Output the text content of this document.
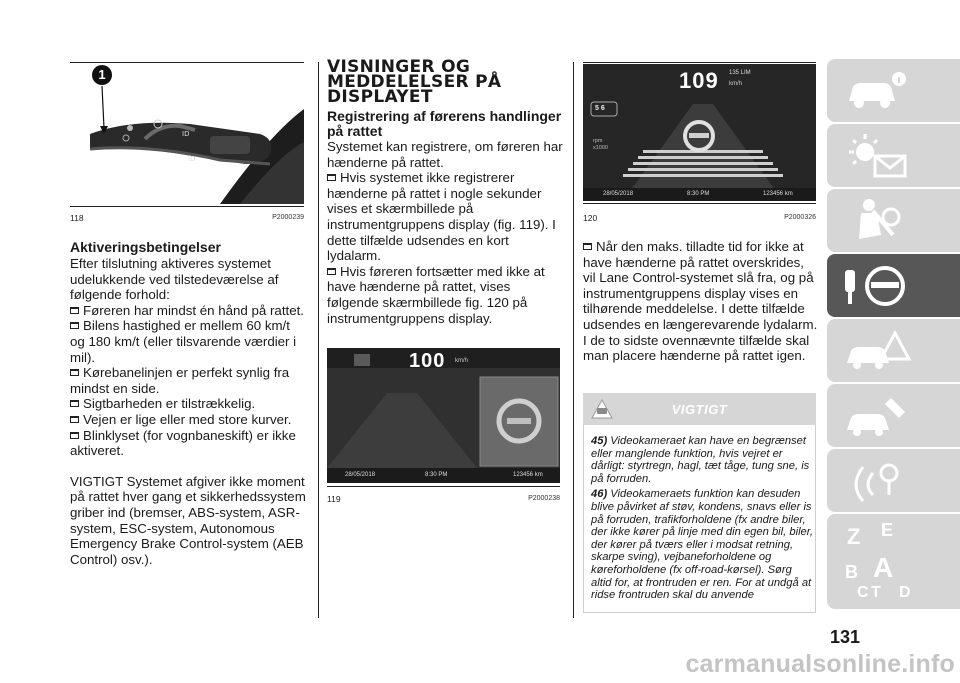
ID
ID
1
118	P2000239

Aktiveringsbetingelser

Efter tilslutning aktiveres systemet udelukkende ved tilstedeværelse af følgende forhold:

Føreren har mindst én hånd på rattet.

Bilens hastighed er mellem 60 km/t og 180 km/t (eller tilsvarende værdier i mil).

Kørebanelinjen er perfekt synlig fra mindst en side.

Sigtbarheden er tilstrækkelig.

Vejen er lige eller med store kurver.

Blinklyset (for vognbaneskift) er ikke aktiveret.

VIGTIGT Systemet afgiver ikke moment på rattet hver gang et sikkerhedssystem griber ind (bremser, ABS-system, ASR-system, ESC-system, Autonomous Emergency Brake Control-system (AEB Control) osv.).

VISNINGER OG MEDDELELSER PÅ DISPLAYET

Registrering af førerens handlinger på rattet

Systemet kan registrere, om føreren har hænderne på rattet.

Hvis systemet ikke registrerer hænderne på rattet i nogle sekunder vises et skærmbillede på instrumentgruppens display (fig. 119). I dette tilfælde udsendes en kort lydalarm.

Hvis føreren fortsætter med ikke at have hænderne på rattet, vises følgende skærmbillede fig. 120 på instrumentgruppens display.

100 km/h
28/05/2018	8:30 PM	123456 km
119	P2000238
109 135 LIM
km/h
5 6
rpm
x1000
28/05/2018	8:30 PM	123456 km
120	P2000326

Når den maks. tilladte tid for ikke at have hænderne på rattet overskrides, vil Lane Control-systemet slå fra, og på instrumentgruppens display vises en tilhørende meddelelse. I dette tilfælde udsendes en længerevarende lydalarm. I de to sidste ovennævnte tilfælde skal man placere hænderne på rattet igen.

VIGTIGT
45) Videokameraet kan have en begrænset eller manglende funktion, hvis vejret er dårligt: styrtregn, hagl, tæt tåge, tung sne, is på forruden.
46) Videokameraets funktion kan desuden blive påvirket af støv, kondens, snavs eller is på forruden, trafikforholdene (fx andre biler, der ikke kører på linje med din egen bil, biler, der kører på tværs eller i modsat retning, skarpe sving), vejbaneforholdene og køreforholdene (fx off-road-kørsel). Sørg altid for, at frontruden er ren. For at undgå at ridse frontruden skal du anvende
131
Z E
B A
C T D
carmanualsonline.info
